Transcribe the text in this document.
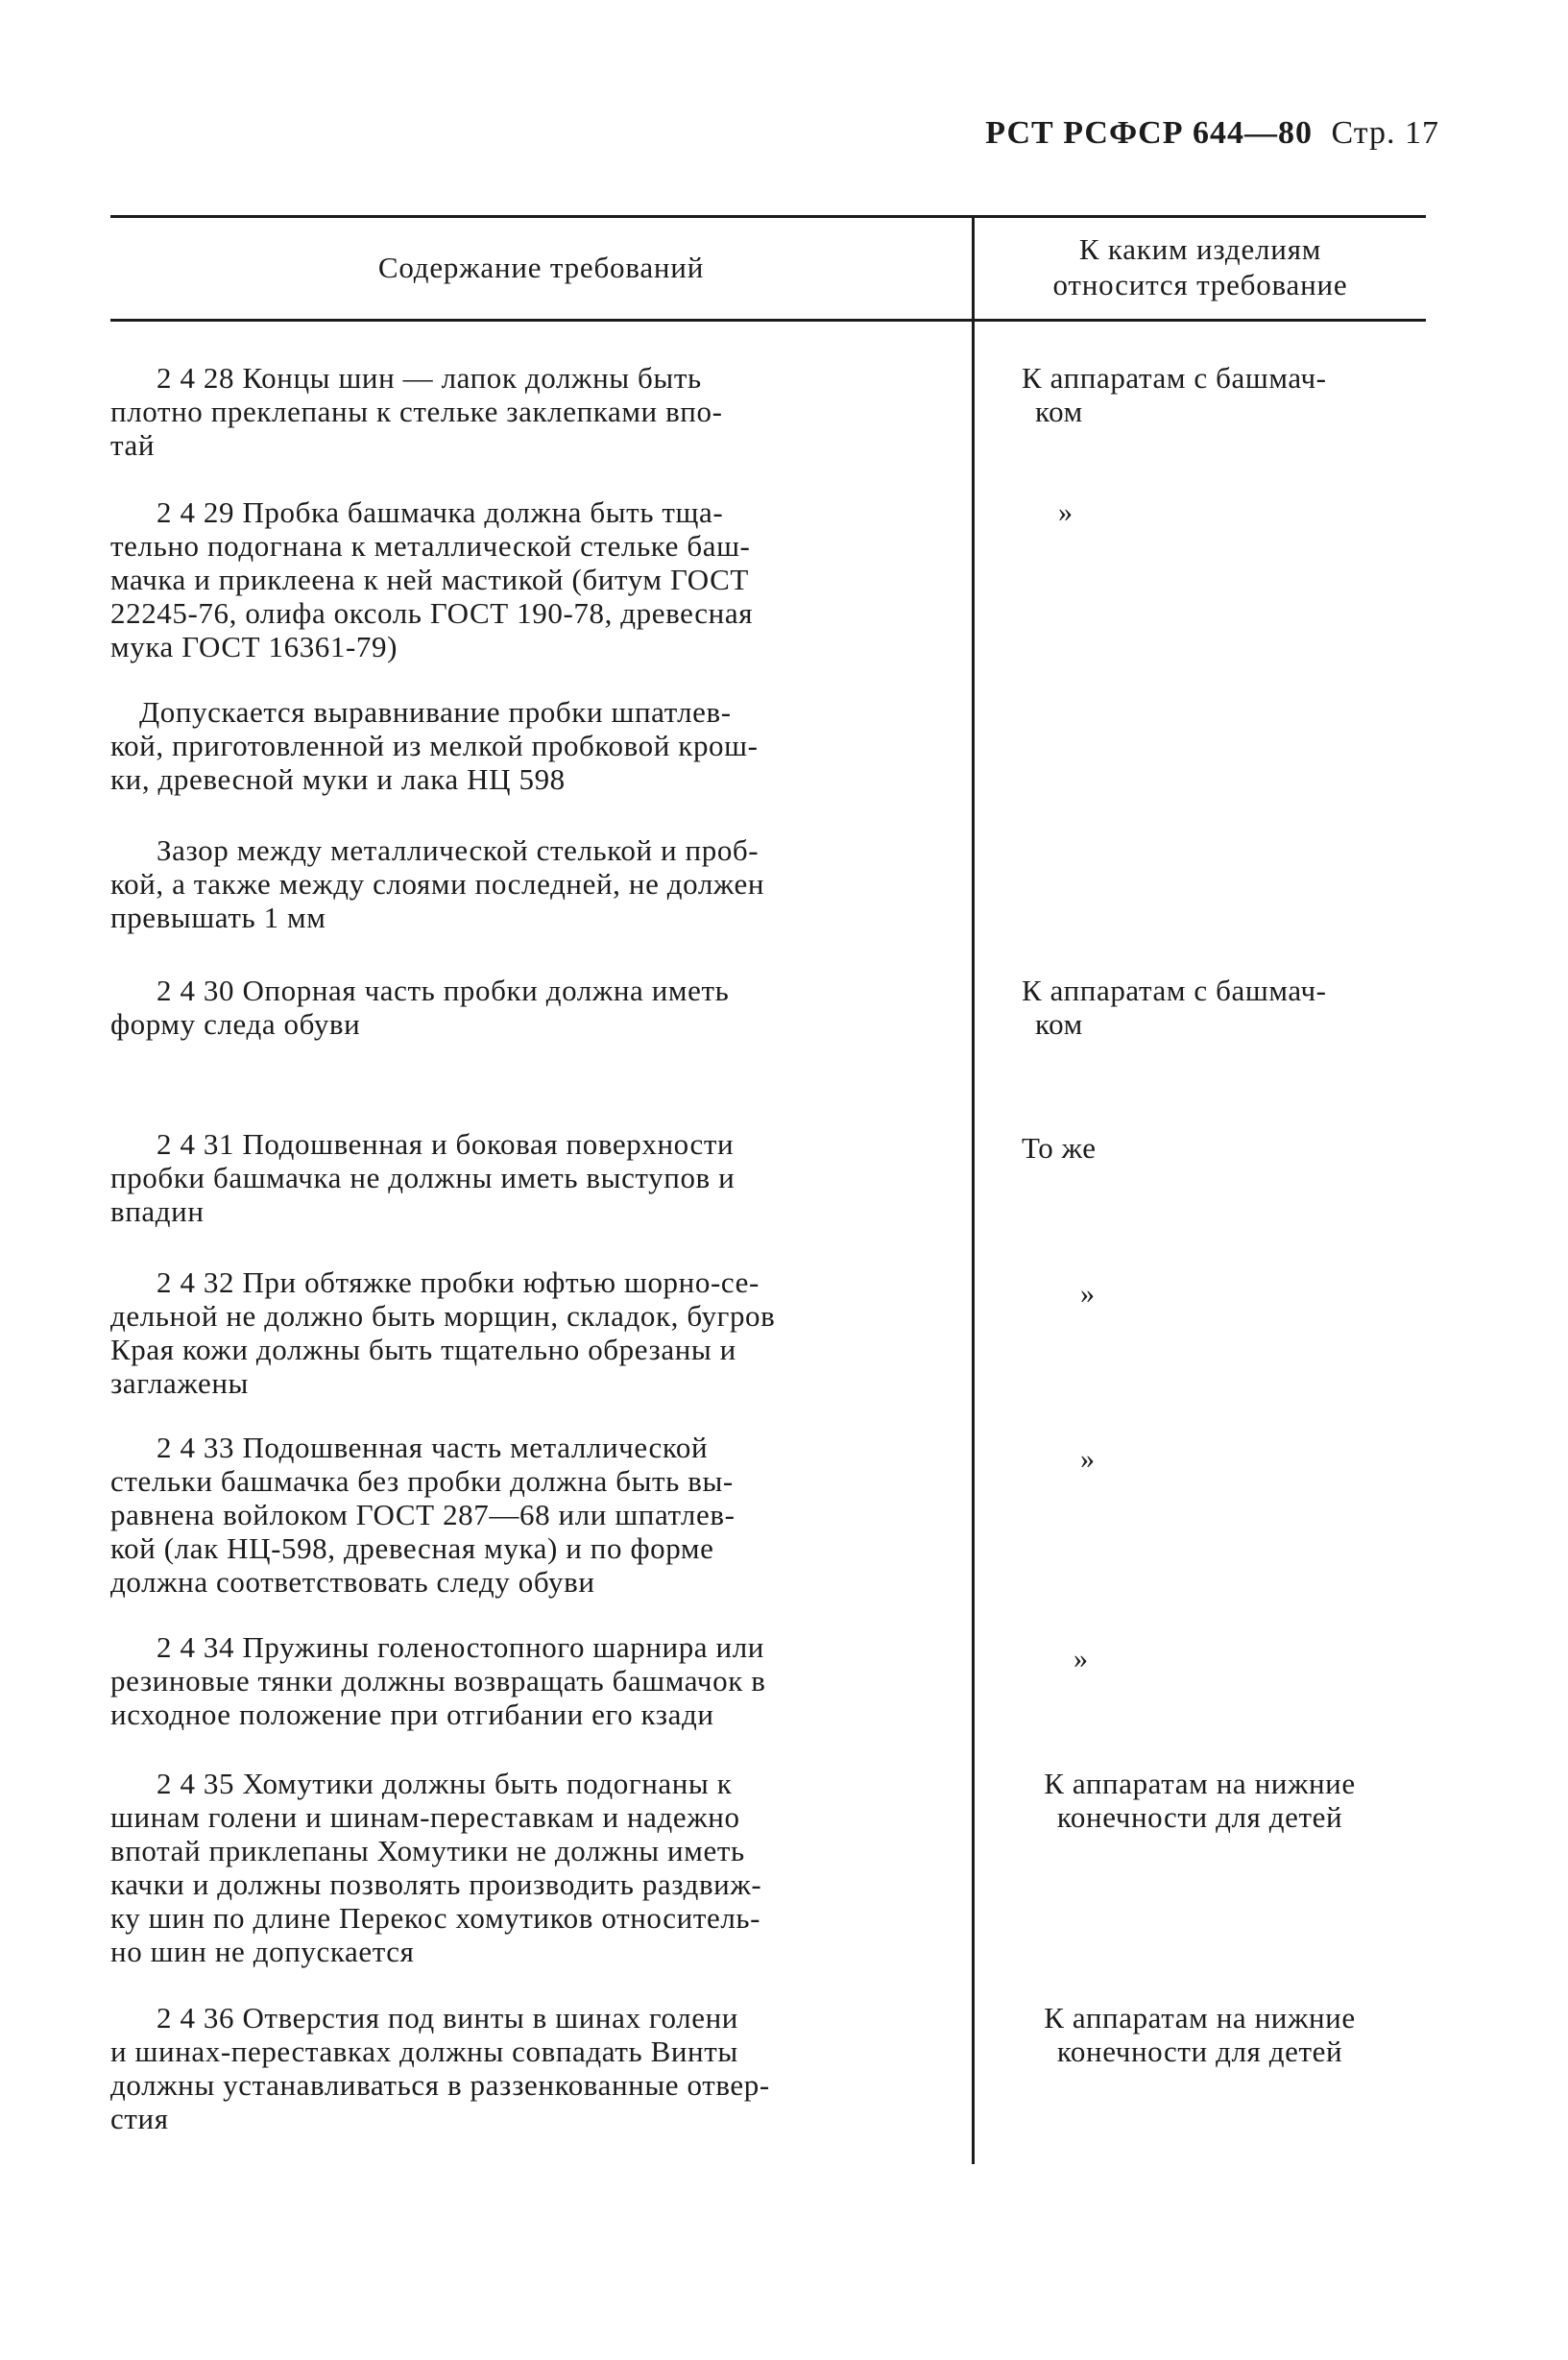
РСТ РСФСР 644—80 Стр. 17
Содержание требований
К каким изделиям
относится требование
2 4 28 Концы шин — лапок должны быть
плотно преклепаны к стельке заклепками впо-
тай
К аппаратам с башмач-
ком
2 4 29 Пробка башмачка должна быть тща-
тельно подогнана к металлической стельке баш-
мачка и приклеена к ней мастикой (битум ГОСТ
22245-76, олифа оксоль ГОСТ 190-78, древесная
мука ГОСТ 16361-79)
»
Допускается выравнивание пробки шпатлев-
кой, приготовленной из мелкой пробковой крош-
ки, древесной муки и лака НЦ 598
Зазор между металлической стелькой и проб-
кой, а также между слоями последней, не должен
превышать 1 мм
2 4 30 Опорная часть пробки должна иметь
форму следа обуви
К аппаратам с башмач-
ком
2 4 31 Подошвенная и боковая поверхности
пробки башмачка не должны иметь выступов и
впадин
То же
2 4 32 При обтяжке пробки юфтью шорно-се-
дельной не должно быть морщин, складок, бугров
Края кожи должны быть тщательно обрезаны и
заглажены
»
2 4 33 Подошвенная часть металлической
стельки башмачка без пробки должна быть вы-
равнена войлоком ГОСТ 287—68 или шпатлев-
кой (лак НЦ-598, древесная мука) и по форме
должна соответствовать следу обуви
»
2 4 34 Пружины голеностопного шарнира или
резиновые тянки должны возвращать башмачок в
исходное положение при отгибании его кзади
»
2 4 35 Хомутики должны быть подогнаны к
шинам голени и шинам-переставкам и надежно
впотай приклепаны Хомутики не должны иметь
качки и должны позволять производить раздвиж-
ку шин по длине Перекос хомутиков относитель-
но шин не допускается
К аппаратам на нижние
конечности для детей
2 4 36 Отверстия под винты в шинах голени
и шинах-переставках должны совпадать Винты
должны устанавливаться в раззенкованные отвер-
стия
К аппаратам на нижние
конечности для детей
